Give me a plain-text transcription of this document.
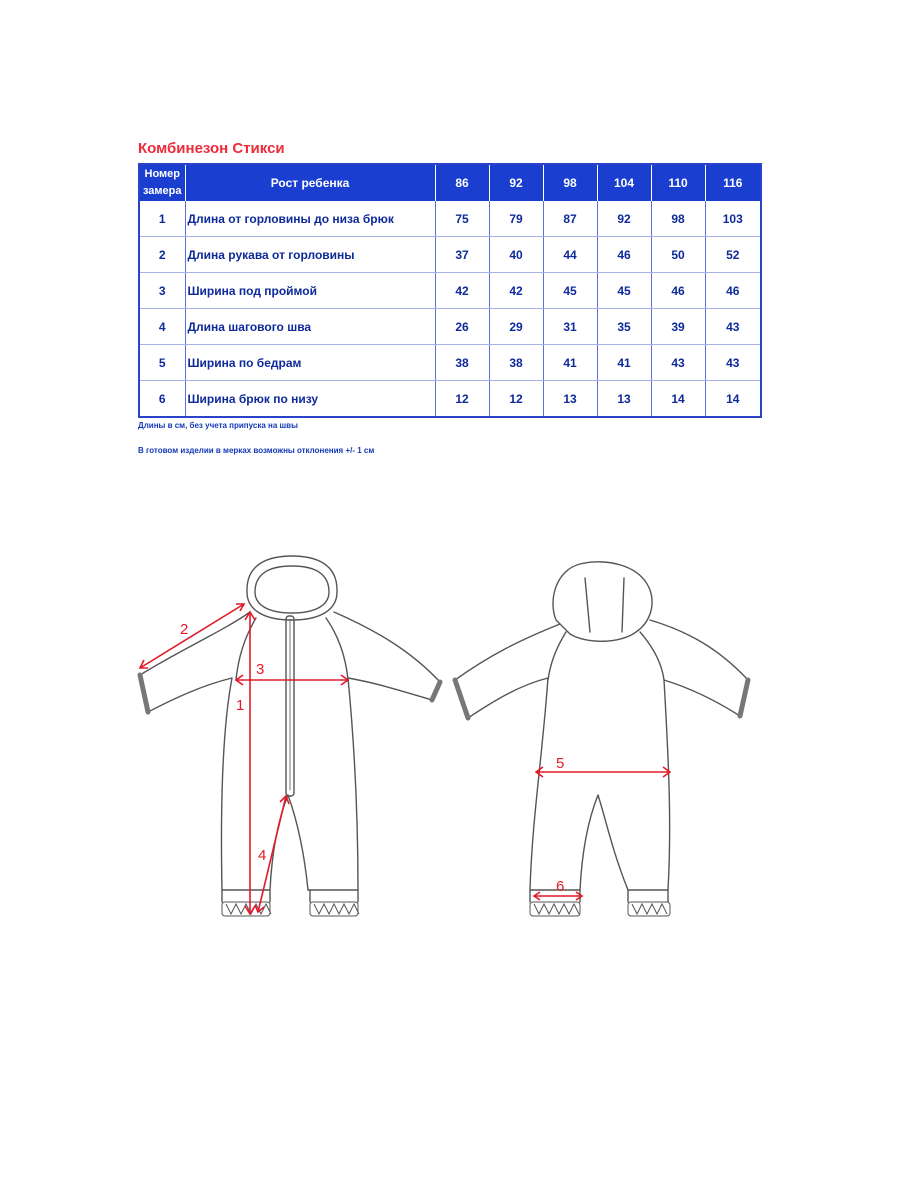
Комбинезон Стикси
Номер
замера	Рост ребенка	86	92	98	104	110	116
1	Длина от горловины до низа брюк	75	79	87	92	98	103
2	Длина рукава от горловины	37	40	44	46	50	52
3	Ширина под проймой	42	42	45	45	46	46
4	Длина шагового шва	26	29	31	35	39	43
5	Ширина по бедрам	38	38	41	41	43	43
6	Ширина брюк по низу	12	12	13	13	14	14

Длины в см, без учета припуска на швы

В готовом изделии в мерках возможны отклонения +/- 1 см

1
2
3
4
5
6
